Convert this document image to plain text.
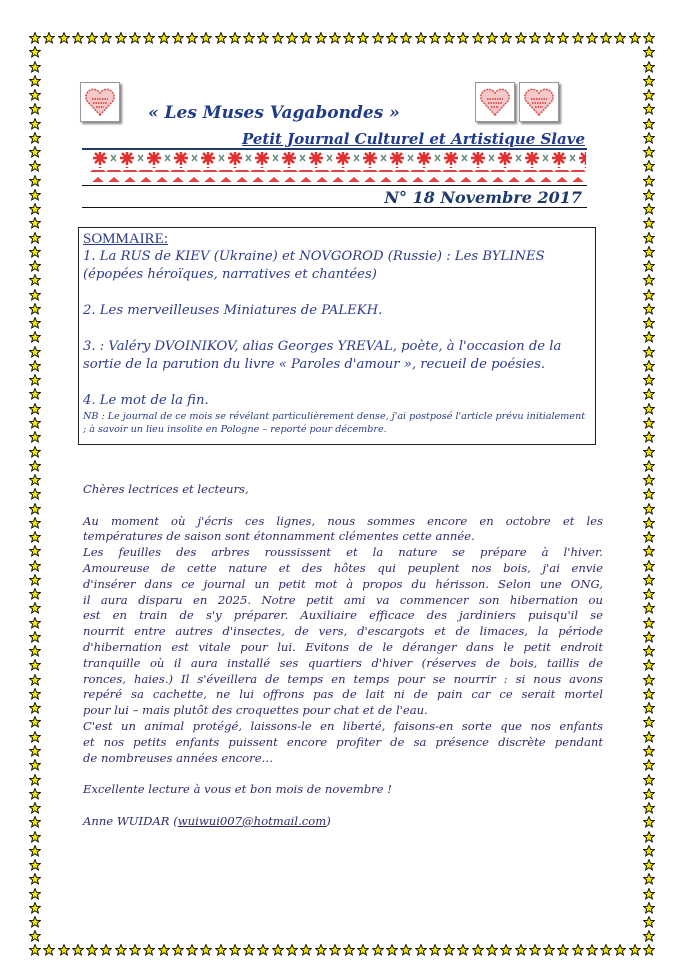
« Les Muses Vagabondes »
Petit Journal Culturel et Artistique Slave
N° 18 Novembre 2017
SOMMAIRE:
1. La RUS de KIEV (Ukraine) et NOVGOROD (Russie) : Les BYLINES (épopées héroïques, narratives et chantées)
2. Les merveilleuses Miniatures de PALEKH.
3. : Valéry DVOINIKOV, alias Georges YREVAL, poète, à l'occasion de la sortie de la parution du livre « Paroles d'amour », recueil de poésies.
4. Le mot de la fin.
NB : Le journal de ce mois se révélant particulièrement dense, j'ai postposé l'article prévu initialement ; à savoir un lieu insolite en Pologne – reporté pour décembre.
Chères lectrices et lecteurs,
Au moment où j'écris ces lignes, nous sommes encore en octobre et les
températures de saison sont étonnamment clémentes cette année.
Les feuilles des arbres roussissent et la nature se prépare à l'hiver.
Amoureuse de cette nature et des hôtes qui peuplent nos bois, j'ai envie
d'insérer dans ce journal un petit mot à propos du hérisson. Selon une ONG,
il aura disparu en 2025. Notre petit ami va commencer son hibernation ou
est en train de s'y préparer. Auxiliaire efficace des jardiniers puisqu'il se
nourrit entre autres d'insectes, de vers, d'escargots et de limaces, la période
d'hibernation est vitale pour lui. Evitons de le déranger dans le petit endroit
tranquille où il aura installé ses quartiers d'hiver (réserves de bois, taillis de
ronces, haies.) Il s'éveillera de temps en temps pour se nourrir : si nous avons
repéré sa cachette, ne lui offrons pas de lait ni de pain car ce serait mortel
pour lui – mais plutôt des croquettes pour chat et de l'eau.
C'est un animal protégé, laissons-le en liberté, faisons-en sorte que nos enfants
et nos petits enfants puissent encore profiter de sa présence discrète pendant
de nombreuses années encore…
Excellente lecture à vous et bon mois de novembre !
Anne WUIDAR (wuiwui007@hotmail.com)
